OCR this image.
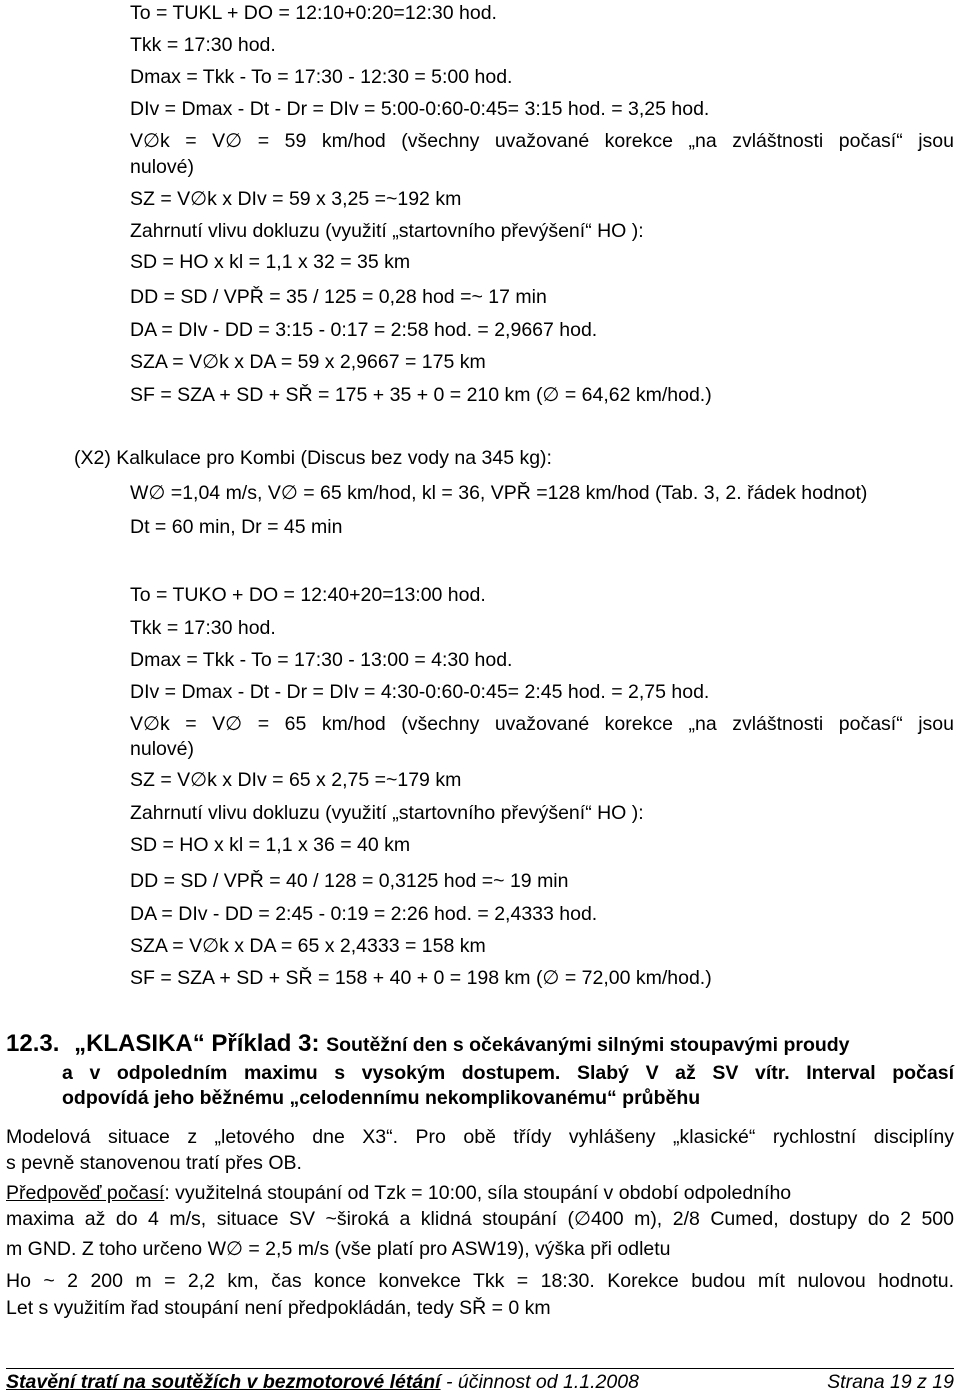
To = TUKL + DO = 12:10+0:20=12:30 hod.
Tkk = 17:30 hod.
Dmax = Tkk - To = 17:30 - 12:30 = 5:00 hod.
DIv = Dmax - Dt - Dr = DIv = 5:00-0:60-0:45= 3:15 hod. = 3,25 hod.
V∅k = V∅ = 59 km/hod (všechny uvažované korekce „na zvláštnosti počasí“ jsou
nulové)
SZ = V∅k x DIv = 59 x 3,25 =~192 km
Zahrnutí vlivu dokluzu (využití „startovního převýšení“ HO ):
SD = HO x kl = 1,1 x 32 = 35 km
DD = SD / VPŘ = 35 / 125 = 0,28 hod =~ 17 min
DA = DIv - DD = 3:15 - 0:17 = 2:58 hod. = 2,9667 hod.
SZA = V∅k x DA = 59 x 2,9667 = 175 km
SF = SZA + SD + SŘ = 175 + 35 + 0 = 210 km (∅ = 64,62 km/hod.)
(X2) Kalkulace pro Kombi (Discus bez vody na 345 kg):
W∅ =1,04 m/s, V∅ = 65 km/hod, kl = 36, VPŘ =128 km/hod (Tab. 3, 2. řádek hodnot)
Dt = 60 min, Dr = 45 min
To = TUKO + DO = 12:40+20=13:00 hod.
Tkk = 17:30 hod.
Dmax = Tkk - To = 17:30 - 13:00 = 4:30 hod.
DIv = Dmax - Dt - Dr = DIv = 4:30-0:60-0:45= 2:45 hod. = 2,75 hod.
V∅k = V∅ = 65 km/hod (všechny uvažované korekce „na zvláštnosti počasí“ jsou
nulové)
SZ = V∅k x DIv = 65 x 2,75 =~179 km
Zahrnutí vlivu dokluzu (využití „startovního převýšení“ HO ):
SD = HO x kl = 1,1 x 36 = 40 km
DD = SD / VPŘ = 40 / 128 = 0,3125 hod =~ 19 min
DA = DIv - DD = 2:45 - 0:19 = 2:26 hod. = 2,4333 hod.
SZA = V∅k x DA = 65 x 2,4333 = 158 km
SF = SZA + SD + SŘ = 158 + 40 + 0 = 198 km (∅ = 72,00 km/hod.)
12.3. „KLASIKA“ Příklad 3: Soutěžní den s očekávanými silnými stoupavými proudy
a v odpoledním maximu s vysokým dostupem. Slabý V až SV vítr. Interval počasí
odpovídá jeho běžnému „celodennímu nekomplikovanému“ průběhu
Modelová situace z „letového dne X3“. Pro obě třídy vyhlášeny „klasické“ rychlostní disciplíny
s pevně stanovenou tratí přes OB.
Předpověď počasí: využitelná stoupání od Tzk = 10:00, síla stoupání v období odpoledního
maxima až do 4 m/s, situace SV ~široká a klidná stoupání (∅400 m), 2/8 Cumed, dostupy do 2 500
m GND. Z toho určeno W∅ = 2,5 m/s (vše platí pro ASW19), výška při odletu
Ho ~ 2 200 m = 2,2 km, čas konce konvekce Tkk = 18:30. Korekce budou mít nulovou hodnotu.
Let s využitím řad stoupání není předpokládán, tedy SŘ = 0 km
Stavění tratí na soutěžích v bezmotorové létání - účinnost od 1.1.2008	Strana 19 z 19
